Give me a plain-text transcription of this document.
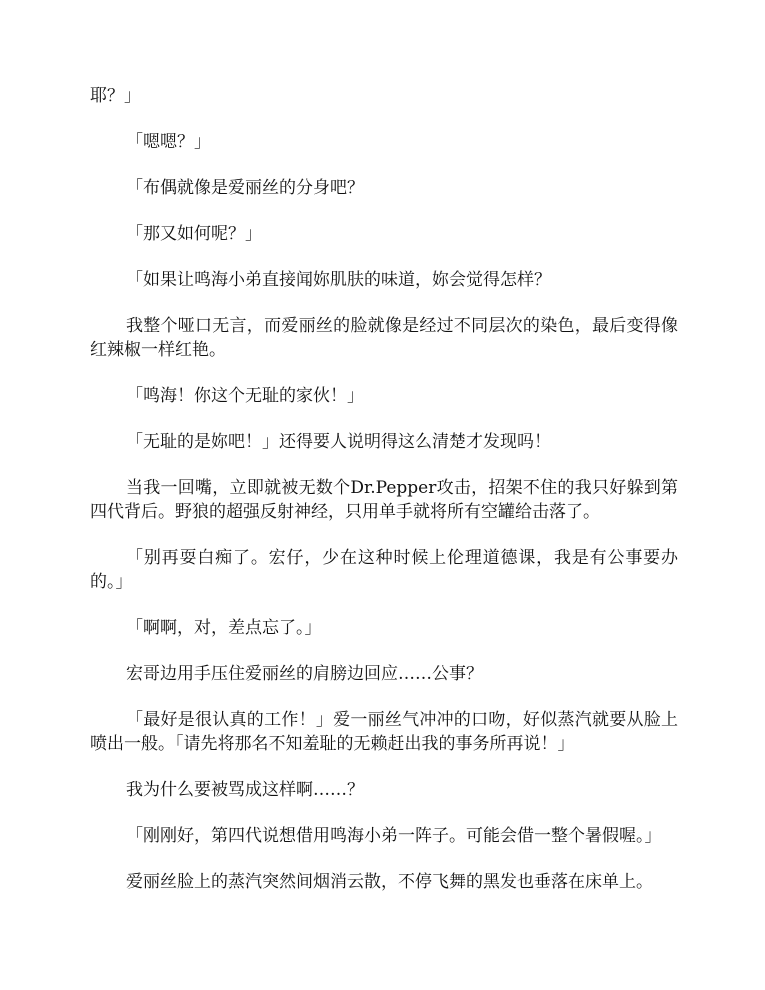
耶？」

「嗯嗯？」

「布偶就像是爱丽丝的分身吧？

「那又如何呢？」

「如果让鸣海小弟直接闻妳肌肤的味道，妳会觉得怎样？

我整个哑口无言，而爱丽丝的脸就像是经过不同层次的染色，最后变得像红辣椒一样红艳。

「鸣海！你这个无耻的家伙！」

「无耻的是妳吧！」还得要人说明得这么清楚才发现吗！

当我一回嘴，立即就被无数个Dr.Pepper攻击，招架不住的我只好躲到第四代背后。野狼的超强反射神经，只用单手就将所有空罐给击落了。

「别再耍白痴了。宏仔，少在这种时候上伦理道德课，我是有公事要办的。」

「啊啊，对，差点忘了。」

宏哥边用手压住爱丽丝的肩膀边回应……公事？

「最好是很认真的工作！」爱一丽丝气冲冲的口吻，好似蒸汽就要从脸上喷出一般。「请先将那名不知羞耻的无赖赶出我的事务所再说！」

我为什么要被骂成这样啊……？

「刚刚好，第四代说想借用鸣海小弟一阵子。可能会借一整个暑假喔。」

爱丽丝脸上的蒸汽突然间烟消云散，不停飞舞的黑发也垂落在床单上。
